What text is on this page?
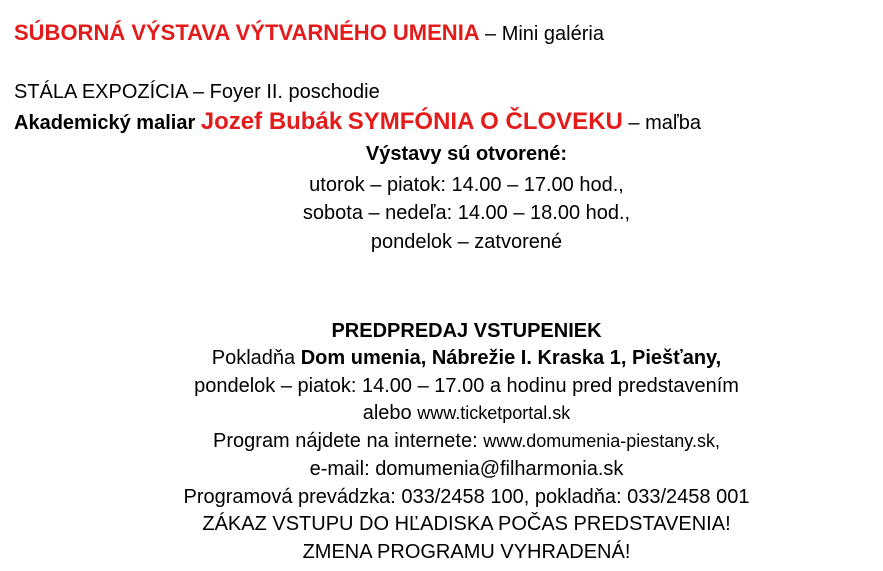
SÚBORNÁ VÝSTAVA VÝTVARNÉHO UMENIA – Mini galéria
STÁLA EXPOZÍCIA – Foyer II. poschodie
Akademický maliar Jozef Bubák SYMFÓNIA O ČLOVEKU – maľba
Výstavy sú otvorené:
utorok – piatok: 14.00 – 17.00 hod.,
sobota – nedeľa: 14.00 – 18.00 hod.,
pondelok – zatvorené
PREDPREDAJ VSTUPENIEK
Pokladňa Dom umenia, Nábrežie I. Kraska 1, Piešťany,
pondelok – piatok: 14.00 – 17.00 a hodinu pred predstavením
alebo www.ticketportal.sk
Program nájdete na internete: www.domumenia-piestany.sk,
e-mail: domumenia@filharmonia.sk
Programová prevádzka: 033/2458 100, pokladňa: 033/2458 001
ZÁKAZ VSTUPU DO HĽADISKA POČAS PREDSTAVENIA!
ZMENA PROGRAMU VYHRADENÁ!
